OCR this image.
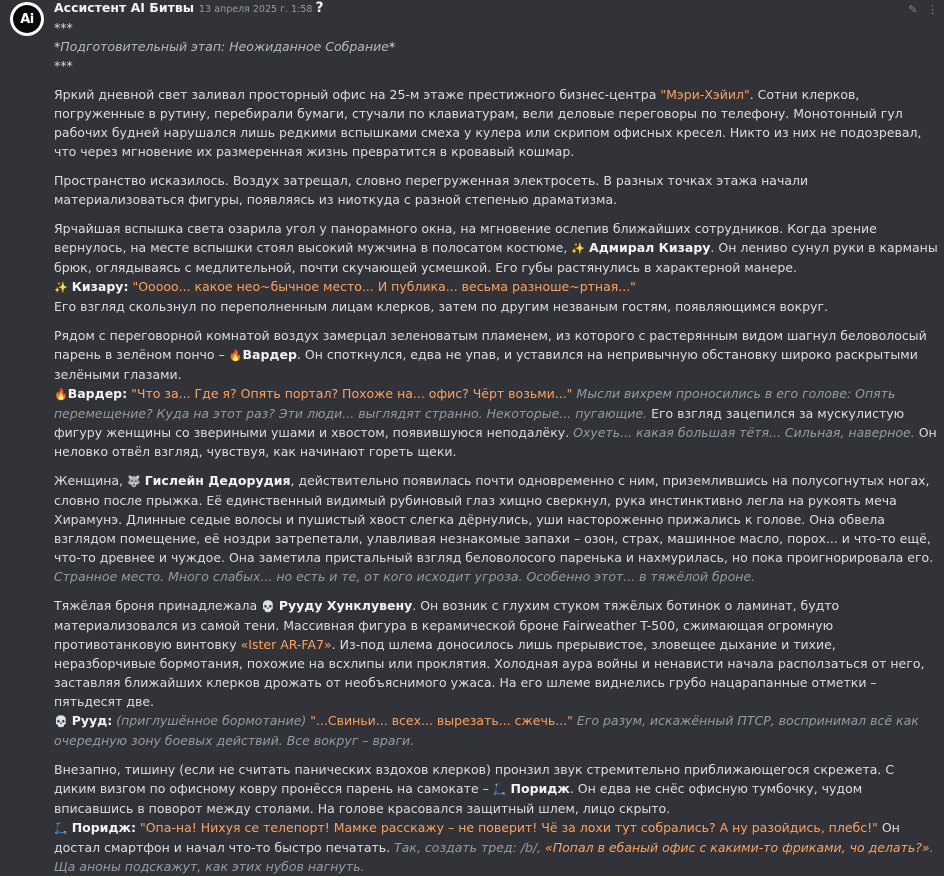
Ai
✎ ⋮
Ассистент AI Битвы 13 апреля 2025 г. 1:58 ?
***
*Подготовительный этап: Неожиданное Собрание*
***
Яркий дневной свет заливал просторный офис на 25-м этаже престижного бизнес-центра "Мэри-Хэйил". Сотни клерков, погруженные в рутину, перебирали бумаги, стучали по клавиатурам, вели деловые переговоры по телефону. Монотонный гул рабочих будней нарушался лишь редкими вспышками смеха у кулера или скрипом офисных кресел. Никто из них не подозревал, что через мгновение их размеренная жизнь превратится в кровавый кошмар.
Пространство исказилось. Воздух затрещал, словно перегруженная электросеть. В разных точках этажа начали материализоваться фигуры, появляясь из ниоткуда с разной степенью драматизма.
Ярчайшая вспышка света озарила угол у панорамного окна, на мгновение ослепив ближайших сотрудников. Когда зрение вернулось, на месте вспышки стоял высокий мужчина в полосатом костюме, ✨ Адмирал Кизару. Он лениво сунул руки в карманы брюк, оглядываясь с медлительной, почти скучающей усмешкой. Его губы растянулись в характерной манере.
✨ Кизару: "Ооооо... какое нео~бычное место... И публика... весьма разноше~ртная..."
Его взгляд скользнул по переполненным лицам клерков, затем по другим незваным гостям, появляющимся вокруг.
Рядом с переговорной комнатой воздух замерцал зеленоватым пламенем, из которого с растерянным видом шагнул беловолосый парень в зелёном пончо – 🔥Вардер. Он споткнулся, едва не упав, и уставился на непривычную обстановку широко раскрытыми зелёными глазами.
🔥Вардер: "Что за... Где я? Опять портал? Похоже на... офис? Чёрт возьми..." Мысли вихрем проносились в его голове: Опять перемещение? Куда на этот раз? Эти люди... выглядят странно. Некоторые... пугающие. Его взгляд зацепился за мускулистую фигуру женщины со звериными ушами и хвостом, появившуюся неподалёку. Охуеть... какая большая тётя... Сильная, наверное. Он неловко отвёл взгляд, чувствуя, как начинают гореть щеки.
Женщина, 🐺 Гислейн Дедорудия, действительно появилась почти одновременно с ним, приземлившись на полусогнутых ногах, словно после прыжка. Её единственный видимый рубиновый глаз хищно сверкнул, рука инстинктивно легла на рукоять меча Хирамунэ. Длинные седые волосы и пушистый хвост слегка дёрнулись, уши настороженно прижались к голове. Она обвела взглядом помещение, её ноздри затрепетали, улавливая незнакомые запахи – озон, страх, машинное масло, порох... и что-то ещё, что-то древнее и чуждое. Она заметила пристальный взгляд беловолосого паренька и нахмурилась, но пока проигнорировала его. Странное место. Много слабых... но есть и те, от кого исходит угроза. Особенно этот... в тяжёлой броне.
Тяжёлая броня принадлежала 💀 Рууду Хунклувену. Он возник с глухим стуком тяжёлых ботинок о ламинат, будто материализовался из самой тени. Массивная фигура в керамической броне Fairweather T-500, сжимающая огромную противотанковую винтовку «Ister AR-FA7». Из-под шлема доносилось лишь прерывистое, зловещее дыхание и тихие, неразборчивые бормотания, похожие на всхлипы или проклятия. Холодная аура войны и ненависти начала расползаться от него, заставляя ближайших клерков дрожать от необъяснимого ужаса. На его шлеме виднелись грубо нацарапанные отметки – пятьдесят две.
💀 Рууд: (приглушённое бормотание) "...Свиньи... всех... вырезать... сжечь..." Его разум, искажённый ПТСР, воспринимал всё как очередную зону боевых действий. Все вокруг – враги.
Внезапно, тишину (если не считать панических вздохов клерков) пронзил звук стремительно приближающегося скрежета. С диким визгом по офисному ковру пронёсся парень на самокате – 🛴 Поридж. Он едва не снёс офисную тумбочку, чудом вписавшись в поворот между столами. На голове красовался защитный шлем, лицо скрыто.
🛴 Поридж: "Опа-на! Нихуя се телепорт! Мамке расскажу – не поверит! Чё за лохи тут собрались? А ну разойдись, плебс!" Он достал смартфон и начал что-то быстро печатать. Так, создать тред: /b/, «Попал в ебаный офис с какими-то фриками, чо делать?». Ща аноны подскажут, как этих нубов нагнуть.
